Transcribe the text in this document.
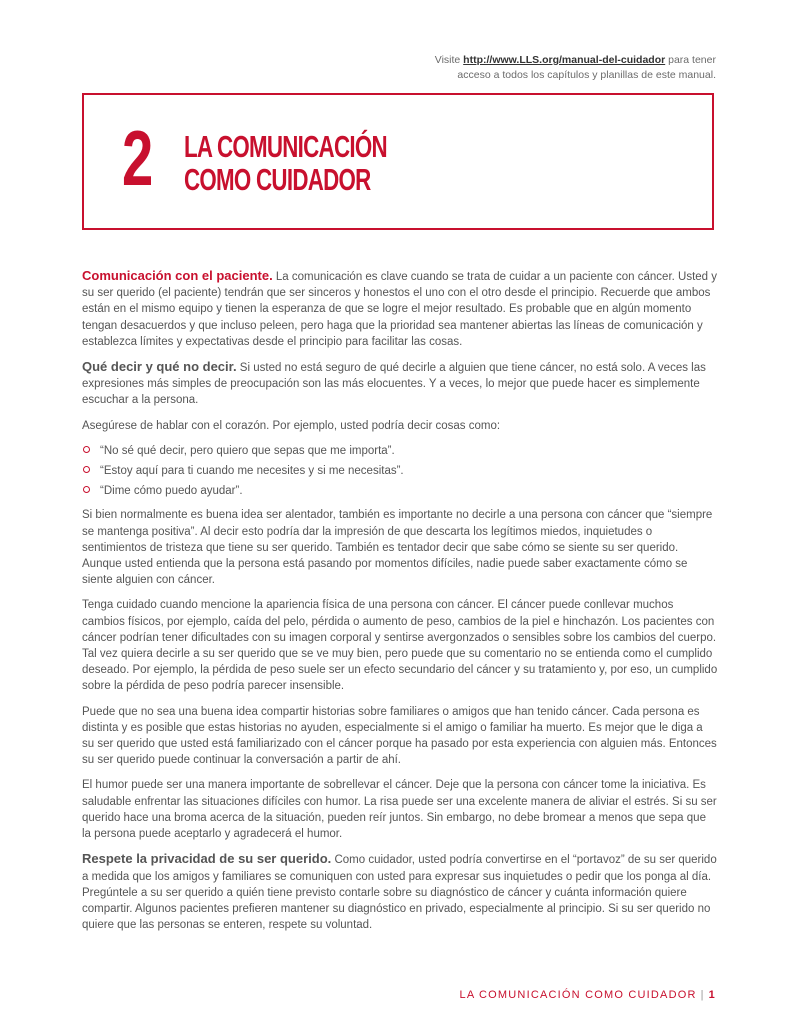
Visite http://www.LLS.org/manual-del-cuidador para tener
acceso a todos los capítulos y planillas de este manual.
2 LA COMUNICACIÓN
COMO CUIDADOR

Comunicación con el paciente. La comunicación es clave cuando se trata de cuidar a un paciente con cáncer. Usted y su ser querido (el paciente) tendrán que ser sinceros y honestos el uno con el otro desde el principio. Recuerde que ambos están en el mismo equipo y tienen la esperanza de que se logre el mejor resultado. Es probable que en algún momento tengan desacuerdos y que incluso peleen, pero haga que la prioridad sea mantener abiertas las líneas de comunicación y establezca límites y expectativas desde el principio para facilitar las cosas.

Qué decir y qué no decir. Si usted no está seguro de qué decirle a alguien que tiene cáncer, no está solo. A veces las expresiones más simples de preocupación son las más elocuentes. Y a veces, lo mejor que puede hacer es simplemente escuchar a la persona.

Asegúrese de hablar con el corazón. Por ejemplo, usted podría decir cosas como:

“No sé qué decir, pero quiero que sepas que me importa”.
“Estoy aquí para ti cuando me necesites y si me necesitas”.
“Dime cómo puedo ayudar”.

Si bien normalmente es buena idea ser alentador, también es importante no decirle a una persona con cáncer que “siempre se mantenga positiva”. Al decir esto podría dar la impresión de que descarta los legítimos miedos, inquietudes o sentimientos de tristeza que tiene su ser querido. También es tentador decir que sabe cómo se siente su ser querido. Aunque usted entienda que la persona está pasando por momentos difíciles, nadie puede saber exactamente cómo se siente alguien con cáncer.

Tenga cuidado cuando mencione la apariencia física de una persona con cáncer. El cáncer puede conllevar muchos cambios físicos, por ejemplo, caída del pelo, pérdida o aumento de peso, cambios de la piel e hinchazón. Los pacientes con cáncer podrían tener dificultades con su imagen corporal y sentirse avergonzados o sensibles sobre los cambios del cuerpo. Tal vez quiera decirle a su ser querido que se ve muy bien, pero puede que su comentario no se entienda como el cumplido deseado. Por ejemplo, la pérdida de peso suele ser un efecto secundario del cáncer y su tratamiento y, por eso, un cumplido sobre la pérdida de peso podría parecer insensible.

Puede que no sea una buena idea compartir historias sobre familiares o amigos que han tenido cáncer. Cada persona es distinta y es posible que estas historias no ayuden, especialmente si el amigo o familiar ha muerto. Es mejor que le diga a su ser querido que usted está familiarizado con el cáncer porque ha pasado por esta experiencia con alguien más. Entonces su ser querido puede continuar la conversación a partir de ahí.

El humor puede ser una manera importante de sobrellevar el cáncer. Deje que la persona con cáncer tome la iniciativa. Es saludable enfrentar las situaciones difíciles con humor. La risa puede ser una excelente manera de aliviar el estrés. Si su ser querido hace una broma acerca de la situación, pueden reír juntos. Sin embargo, no debe bromear a menos que sepa que la persona puede aceptarlo y agradecerá el humor.

Respete la privacidad de su ser querido. Como cuidador, usted podría convertirse en el “portavoz” de su ser querido a medida que los amigos y familiares se comuniquen con usted para expresar sus inquietudes o pedir que los ponga al día. Pregúntele a su ser querido a quién tiene previsto contarle sobre su diagnóstico de cáncer y cuánta información quiere compartir. Algunos pacientes prefieren mantener su diagnóstico en privado, especialmente al principio. Si su ser querido no quiere que las personas se enteren, respete su voluntad.

LA COMUNICACIÓN COMO CUIDADOR | 1
